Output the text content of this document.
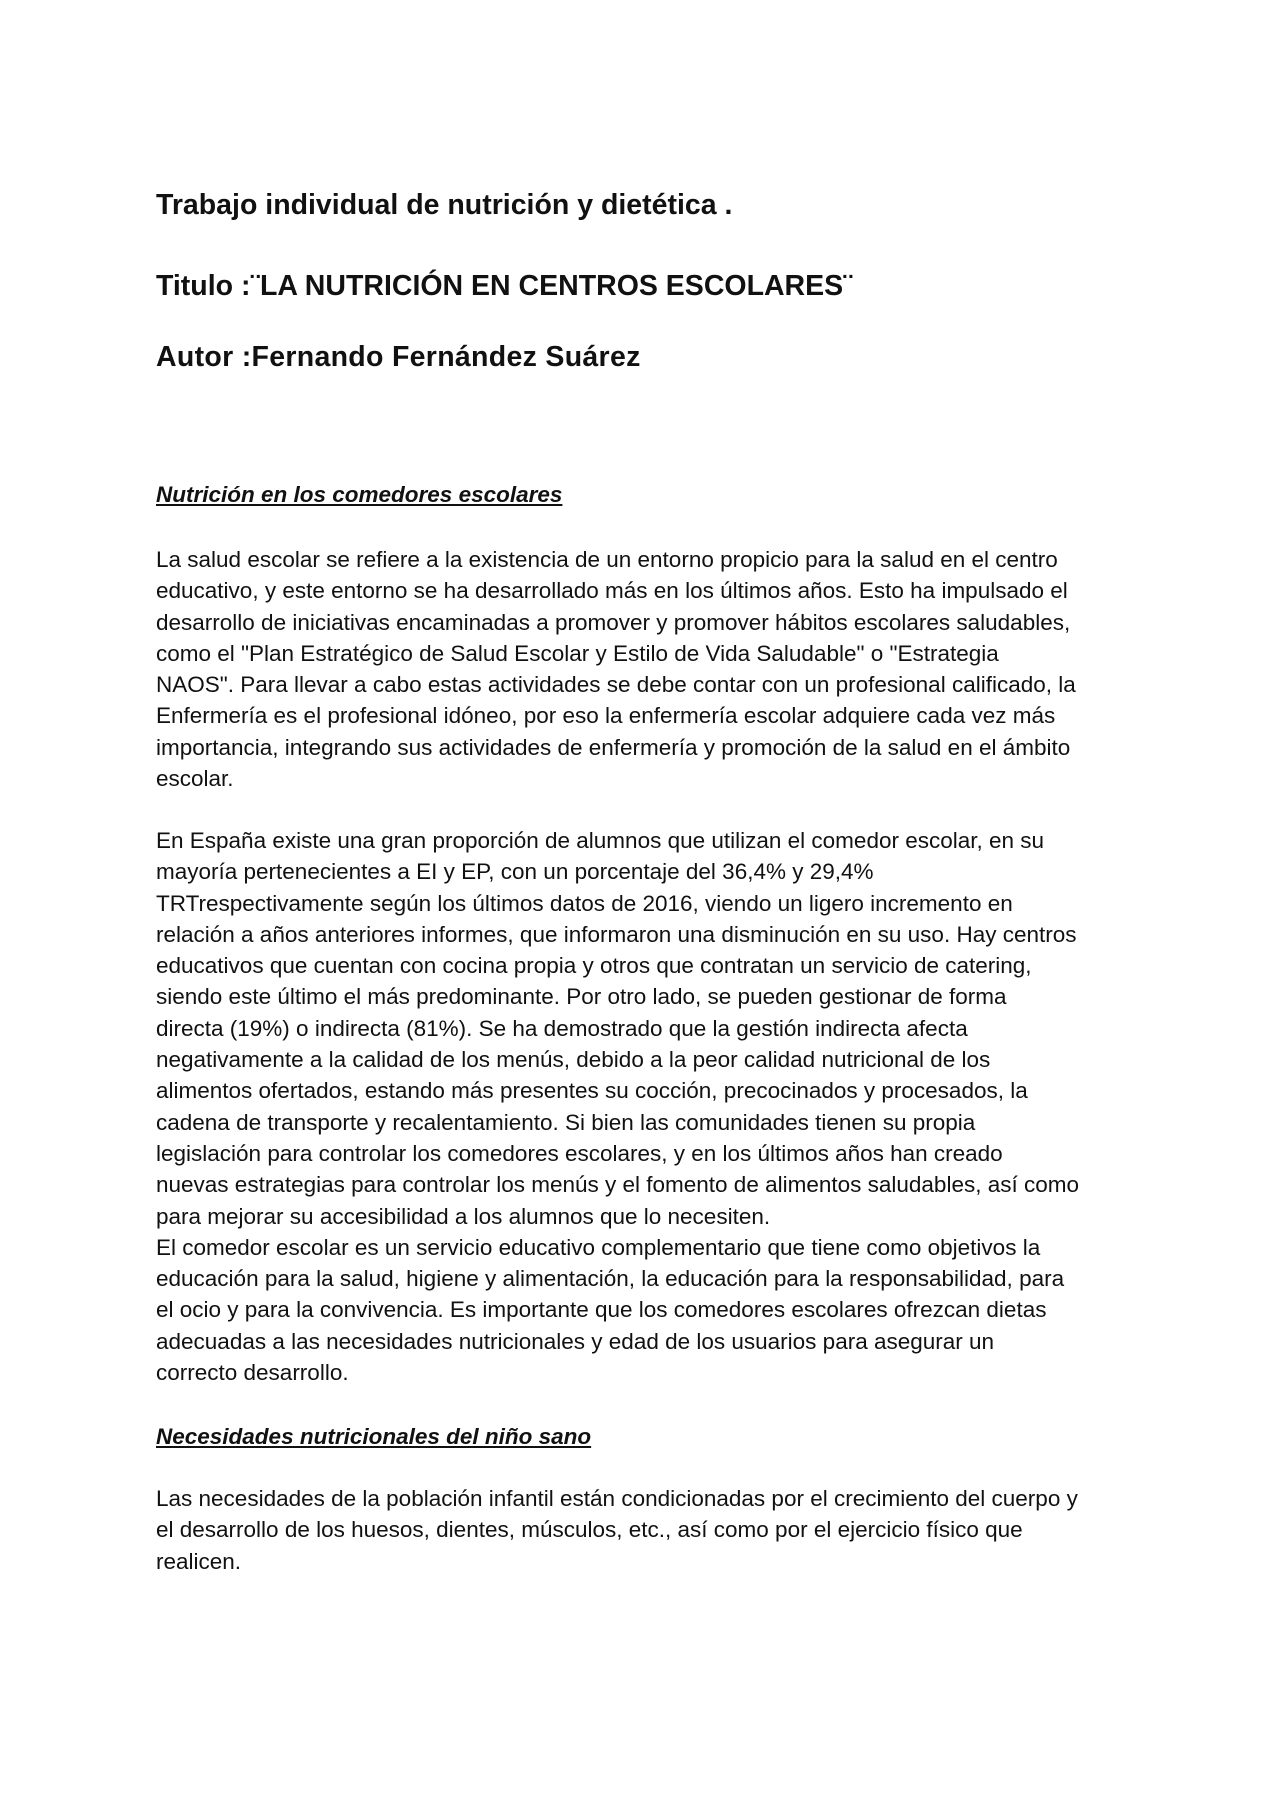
Trabajo individual de nutrición y dietética .
Titulo :¨LA NUTRICIÓN EN CENTROS ESCOLARES¨
Autor :Fernando Fernández Suárez
Nutrición en los comedores escolares

La salud escolar se refiere a la existencia de un entorno propicio para la salud en el centro
educativo, y este entorno se ha desarrollado más en los últimos años. Esto ha impulsado el
desarrollo de iniciativas encaminadas a promover y promover hábitos escolares saludables,
como el "Plan Estratégico de Salud Escolar y Estilo de Vida Saludable" o "Estrategia
NAOS". Para llevar a cabo estas actividades se debe contar con un profesional calificado, la
Enfermería es el profesional idóneo, por eso la enfermería escolar adquiere cada vez más
importancia, integrando sus actividades de enfermería y promoción de la salud en el ámbito
escolar.

En España existe una gran proporción de alumnos que utilizan el comedor escolar, en su
mayoría pertenecientes a EI y EP, con un porcentaje del 36,4% y 29,4%
TRTrespectivamente según los últimos datos de 2016, viendo un ligero incremento en
relación a años anteriores informes, que informaron una disminución en su uso. Hay centros
educativos que cuentan con cocina propia y otros que contratan un servicio de catering,
siendo este último el más predominante. Por otro lado, se pueden gestionar de forma
directa (19%) o indirecta (81%). Se ha demostrado que la gestión indirecta afecta
negativamente a la calidad de los menús, debido a la peor calidad nutricional de los
alimentos ofertados, estando más presentes su cocción, precocinados y procesados, la
cadena de transporte y recalentamiento. Si bien las comunidades tienen su propia
legislación para controlar los comedores escolares, y en los últimos años han creado
nuevas estrategias para controlar los menús y el fomento de alimentos saludables, así como
para mejorar su accesibilidad a los alumnos que lo necesiten.
El comedor escolar es un servicio educativo complementario que tiene como objetivos la
educación para la salud, higiene y alimentación, la educación para la responsabilidad, para
el ocio y para la convivencia. Es importante que los comedores escolares ofrezcan dietas
adecuadas a las necesidades nutricionales y edad de los usuarios para asegurar un
correcto desarrollo.

Necesidades nutricionales del niño sano

Las necesidades de la población infantil están condicionadas por el crecimiento del cuerpo y
el desarrollo de los huesos, dientes, músculos, etc., así como por el ejercicio físico que
realicen.
